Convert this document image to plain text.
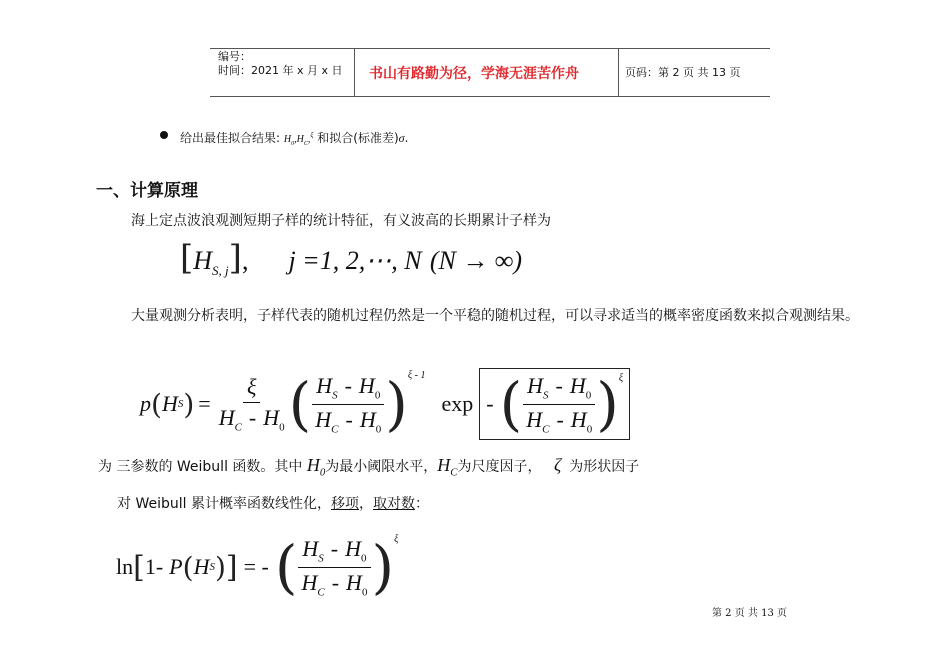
编号：
时间：2021 年 x 月 x 日 书山有路勤为径，学海无涯苦作舟	页码：第 2 页 共 13 页
给出最佳拟合结果: $H_0,H_C,^\xi$ 和拟合(标准差)σ.
一、计算原理
海上定点波浪观测短期子样的统计特征，有义波高的长期累计子样为
$[H_{S, j}]$, j =1, 2,⋯, N (N → ∞)
大量观测分析表明，子样代表的随机过程仍然是一个平稳的随机过程，可以寻求适当的概率密度函数来拟合观测结果。
p ( H S ) = $\frac{\xi}{H_C - H_0}$ ( $\frac{H_S - H_0}{H_C - H_0} )^{\xi - 1}$
exp - ( $\frac{H_S - H_0}{H_C - H_0} )^\xi$
为 三参数的 Weibull 函数。其中 $H_0$为最小阈限水平，$H_C$为尺度因子， ζ 为形状因子
对 Weibull 累计概率函数线性化，移项，取对数：
ln [ 1- P ( H S ) ] = - ( $\frac{H_S - H_0}{H_C - H_0} )^\xi$
第 2 页 共 13 页
